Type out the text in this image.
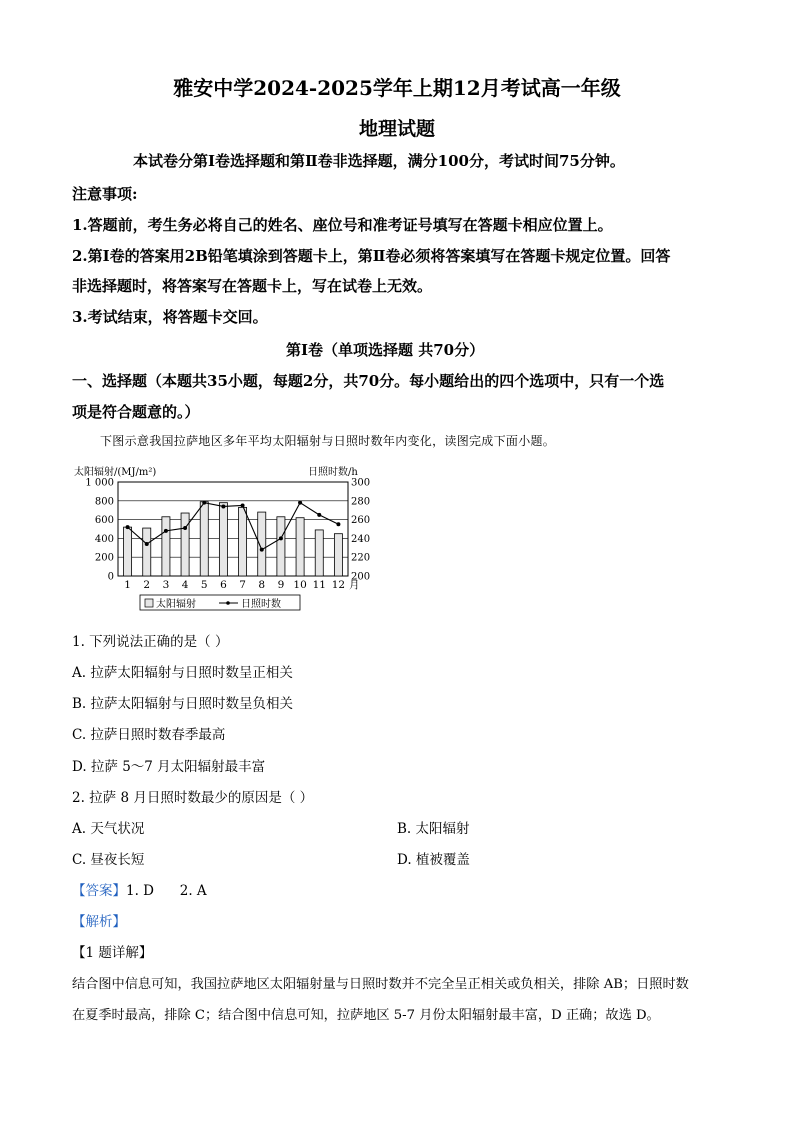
雅安中学2024-2025学年上期12月考试高一年级
地理试题
本试卷分第Ⅰ卷选择题和第Ⅱ卷非选择题，满分100分，考试时间75分钟。
注意事项:
1.答题前，考生务必将自己的姓名、座位号和准考证号填写在答题卡相应位置上。
2.第Ⅰ卷的答案用2B铅笔填涂到答题卡上，第Ⅱ卷必须将答案填写在答题卡规定位置。回答
非选择题时，将答案写在答题卡上，写在试卷上无效。
3.考试结束，将答题卡交回。
第Ⅰ卷（单项选择题 共70分）
一、选择题（本题共35小题，每题2分，共70分。每小题给出的四个选项中，只有一个选
项是符合题意的。）
下图示意我国拉萨地区多年平均太阳辐射与日照时数年内变化，读图完成下面小题。
太阳辐射/(MJ/m²)	日照时数/h
1 000
800
600
400
200
0
300
280
260
240
220
200
1 2 3 4 5 6 7 8 9 10 11 12 月
太阳辐射	日照时数
1. 下列说法正确的是（ ）
A. 拉萨太阳辐射与日照时数呈正相关
B. 拉萨太阳辐射与日照时数呈负相关
C. 拉萨日照时数春季最高
D. 拉萨 5～7 月太阳辐射最丰富
2. 拉萨 8 月日照时数最少的原因是（ ）
A. 天气状况	B. 太阳辐射
C. 昼夜长短	D. 植被覆盖
【答案】1. D      2. A
【解析】
【1 题详解】
结合图中信息可知，我国拉萨地区太阳辐射量与日照时数并不完全呈正相关或负相关，排除 AB；日照时数
在夏季时最高，排除 C；结合图中信息可知，拉萨地区 5-7 月份太阳辐射最丰富，D 正确；故选 D。
